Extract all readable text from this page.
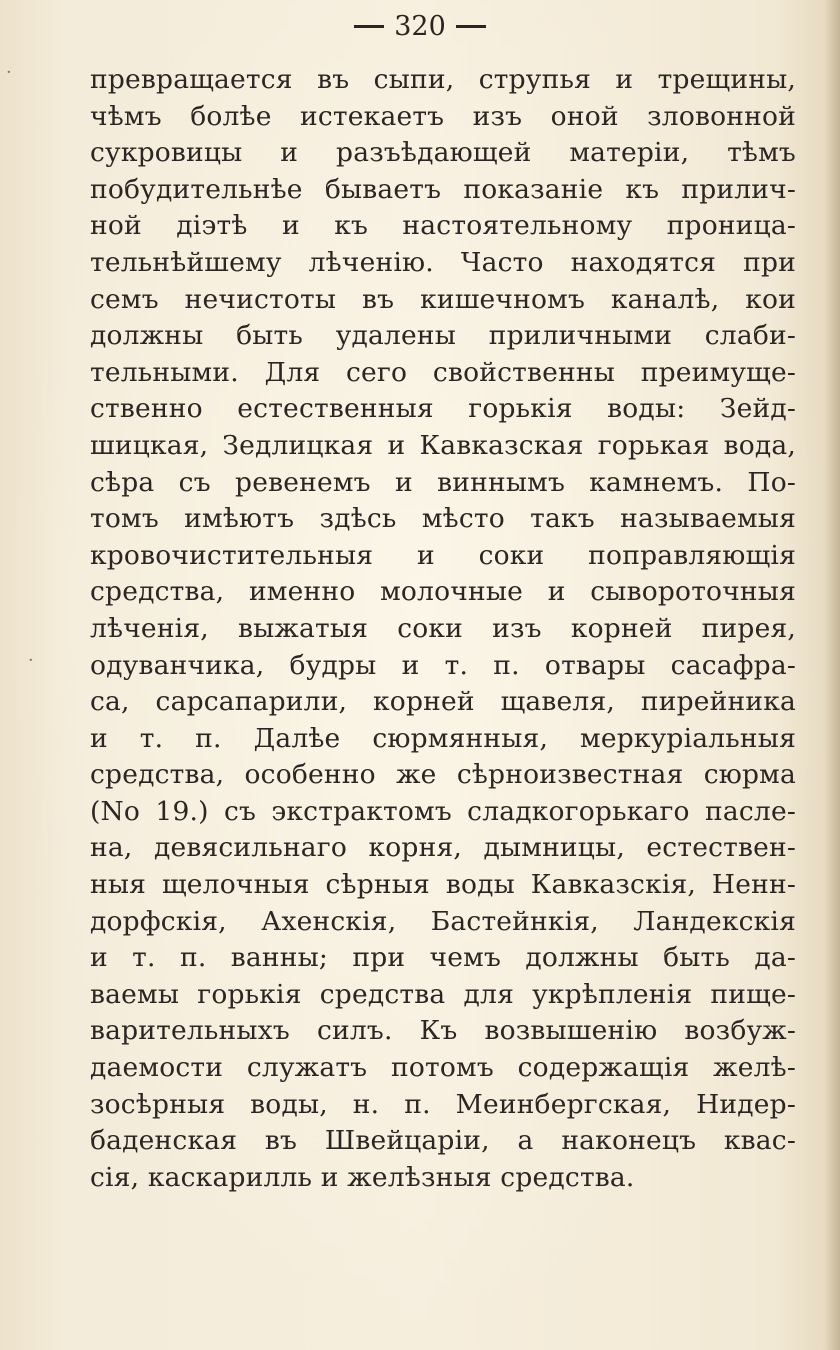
320
·
·
превращается въ сыпи, струпья и трещины,
чѣмъ болѣе истекаетъ изъ оной зловонной
сукровицы и разъѣдающей матеріи, тѣмъ
побудительнѣе бываетъ показаніе къ прилич-
ной діэтѣ и къ настоятельному проница-
тельнѣйшему лѣченію. Часто находятся при
семъ нечистоты въ кишечномъ каналѣ, кои
должны быть удалены приличными слаби-
тельными. Для сего свойственны преимуще-
ственно естественныя горькія воды: Зейд-
шицкая, Зедлицкая и Кавказская горькая вода,
сѣра съ ревенемъ и виннымъ камнемъ. По-
томъ имѣютъ здѣсь мѣсто такъ называемыя
кровочистительныя и соки поправляющія
средства, именно молочные и сывороточныя
лѣченія, выжатыя соки изъ корней пирея,
одуванчика, будры и т. п. отвары сасафра-
са, сарсапарили, корней щавеля, пирейника
и т. п. Далѣе сюрмянныя, меркуріальныя
средства, особенно же сѣрноизвестная сюрма
(No 19.) съ экстрактомъ сладкогорькаго пасле-
на, девясильнаго корня, дымницы, естествен-
ныя щелочныя сѣрныя воды Кавказскія, Ненн-
дорфскія, Ахенскія, Бастейнкія, Ландекскія
и т. п. ванны; при чемъ должны быть да-
ваемы горькія средства для укрѣпленія пище-
варительныхъ силъ. Къ возвышенію возбуж-
даемости служатъ потомъ содержащія желѣ-
зосѣрныя воды, н. п. Меинбергская, Нидер-
баденская въ Швейцаріи, а наконецъ квас-
сія, каскарилль и желѣзныя средства.
